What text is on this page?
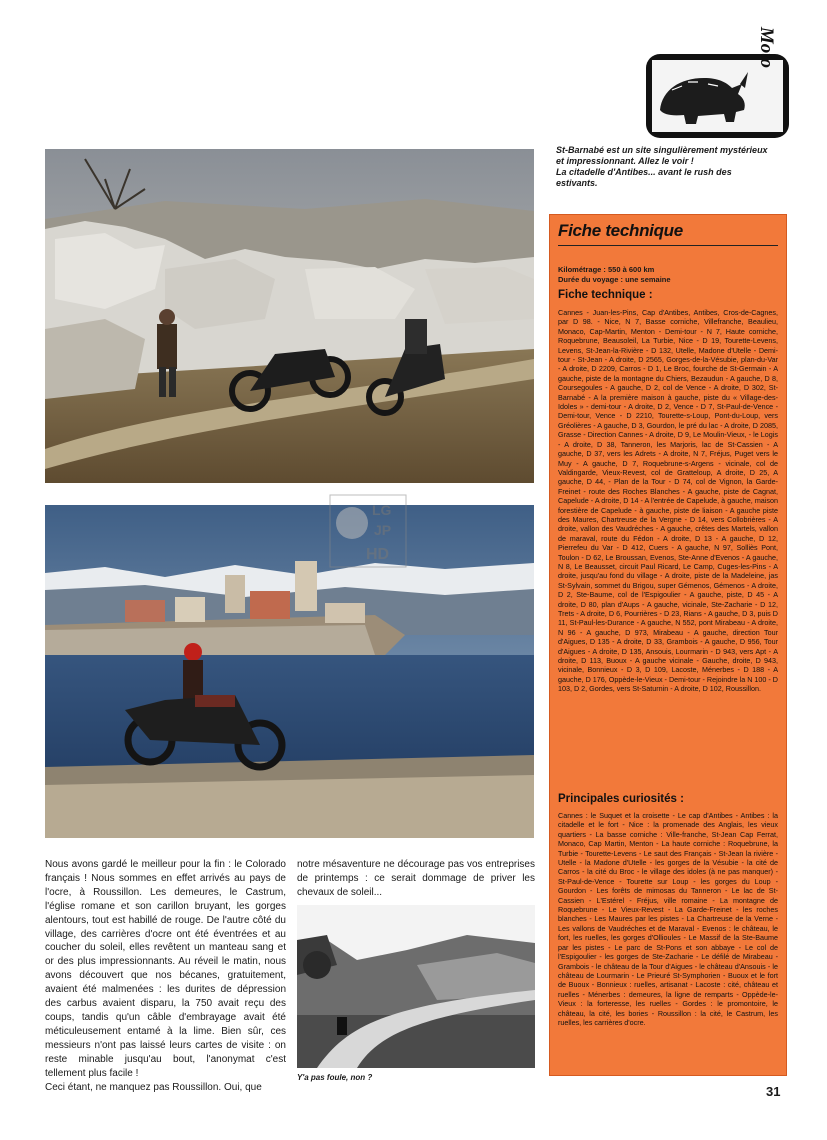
Moto
St-Barnabé est un site singulièrement mystérieux
et impressionnant. Allez le voir !
La citadelle d'Antibes... avant le rush des
estivants.
LG
JP
HD
Fiche technique
Kilométrage : 550 à 600 km
Durée du voyage : une semaine
Fiche technique :
Cannes - Juan-les-Pins, Cap d'Antibes, Antibes, Cros-de-Cagnes, par D 98. - Nice, N 7, Basse corniche, Villefranche, Beaulieu, Monaco, Cap-Martin, Menton - Demi-tour - N 7, Haute corniche, Roquebrune, Beausoleil, La Turbie, Nice - D 19, Tourette-Levens, Levens, St-Jean-la-Rivière - D 132, Utelle, Madone d'Utelle - Demi-tour - St-Jean - A droite, D 2565, Gorges-de-la-Vésubie, plan-du-Var - A droite, D 2209, Carros - D 1, Le Broc, fourche de St-Germain - A gauche, piste de la montagne du Chiers, Bezaudun - A gauche, D 8, Coursegoules - A gauche, D 2, col de Vence - A droite, D 302, St-Barnabé - A la première maison à gauche, piste du « Village-des-Idoles » - demi-tour - A droite, D 2, Vence - D 7, St-Paul-de-Vence - Demi-tour, Vence - D 2210, Tourette-s-Loup, Pont-du-Loup, vers Gréolières - A gauche, D 3, Gourdon, le pré du lac - A droite, D 2085, Grasse - Direction Cannes - A droite, D 9, Le Moulin-Vieux, - le Logis - A droite, D 38, Tanneron, les Marjoris, lac de St-Cassien - A gauche, D 37, vers les Adrets - A droite, N 7, Fréjus, Puget vers le Muy - A gauche, D 7, Roquebrune-s-Argens - vicinale, col de Valdingarde, Vieux-Revest, col de Gratteloup, A droite, D 25, A gauche, D 44, - Plan de la Tour - D 74, col de Vignon, la Garde-Freinet - route des Roches Blanches - A gauche, piste de Cagnat, Capelude - A droite, D 14 - A l'entrée de Capelude, à gauche, maison forestière de Capelude - à gauche, piste de liaison - A gauche piste des Maures, Chartreuse de la Vergne - D 14, vers Collobrières - A droite, vallon des Vaudréches - A gauche, crêtes des Martels, vallon de maraval, route du Fédon - A droite, D 13 - A gauche, D 12, Pierrefeu du Var - D 412, Cuers - A gauche, N 97, Solliès Pont, Toulon - D 62, Le Broussan, Evenos, Ste-Anne d'Evenos - A gauche, N 8, Le Beausset, circuit Paul Ricard, Le Camp, Cuges-les-Pins - A droite, jusqu'au fond du village - A droite, piste de la Madeleine, jas St-Sylvain, sommet du Brigou, super Gémenos, Gémenos - A droite, D 2, Ste-Baume, col de l'Espigoulier - A gauche, piste, D 45 - A droite, D 80, plan d'Aups - A gauche, vicinale, Ste-Zacharie - D 12, Trets - A droite, D 6, Pourrières - D 23, Rians - A gauche, D 3, puis D 11, St-Paul-les-Durance - A gauche, N 552, pont Mirabeau - A droite, N 96 - A gauche, D 973, Mirabeau - A gauche, direction Tour d'Aigues, D 135 - A droite, D 33, Grambois - A gauche, D 956, Tour d'Aigues - A droite, D 135, Ansouis, Lourmarin - D 943, vers Apt - A droite, D 113, Buoux - A gauche vicinale - Gauche, droite, D 943, vicinale, Bonnieux - D 3, D 109, Lacoste, Ménerbes - D 188 - A gauche, D 176, Oppède-le-Vieux - Demi-tour - Rejoindre la N 100 - D 103, D 2, Gordes, vers St-Saturnin - A droite, D 102, Roussillon.
Principales curiosités :
Cannes : le Suquet et la croisette - Le cap d'Antibes - Antibes : la citadelle et le fort - Nice : la promenade des Anglais, les vieux quartiers - La basse corniche : Ville-franche, St-Jean Cap Ferrat, Monaco, Cap Martin, Menton - La haute corniche : Roquebrune, la Turbie - Tourette-Levens - Le saut des Français - St-Jean la rivière - Utelle - la Madone d'Utelle - les gorges de la Vésubie - la cité de Carros - la cité du Broc - le village des idoles (à ne pas manquer) - St-Paul-de-Vence - Tourette sur Loup - les gorges du Loup - Gourdon - Les forêts de mimosas du Tanneron - Le lac de St-Cassien - L'Estérel - Fréjus, ville romaine - La montagne de Roquebrune - Le Vieux-Revest - La Garde-Freinet - les roches blanches - Les Maures par les pistes - La Chartreuse de la Verne - Les vallons de Vaudréches et de Maraval - Evenos : le château, le fort, les ruelles, les gorges d'Ollioules - Le Massif de la Ste-Baume par les pistes - Le parc de St-Pons et son abbaye - Le col de l'Espigoulier - les gorges de Ste-Zacharie - Le défilé de Mirabeau - Grambois - le château de la Tour d'Aigues - le château d'Ansouis - le château de Lourmarin - Le Prieuré St-Symphorien - Buoux et le fort de Buoux - Bonnieux : ruelles, artisanat - Lacoste : cité, château et ruelles - Ménerbes : demeures, la ligne de remparts - Oppède-le-Vieux : la forteresse, les ruelles - Gordes : le promontoire, le château, la cité, les bories - Roussillon : la cité, le Castrum, les ruelles, les carrières d'ocre.

Nous avons gardé le meilleur pour la fin : le Colorado français ! Nous sommes en effet arrivés au pays de l'ocre, à Roussillon. Les demeures, le Castrum, l'église romane et son carillon bruyant, les gorges alentours, tout est habillé de rouge. De l'autre côté du village, des carrières d'ocre ont été éventrées et au coucher du soleil, elles revêtent un manteau sang et or des plus impressionnants. Au réveil le matin, nous avons découvert que nos bécanes, gratuitement, avaient été malmenées : les durites de dépression des carbus avaient disparu, la 750 avait reçu des coups, tandis qu'un câble d'embrayage avait été méticuleusement entamé à la lime. Bien sûr, ces messieurs n'ont pas laissé leurs cartes de visite : on reste minable jusqu'au bout, l'anonymat c'est tellement plus facile !

Ceci étant, ne manquez pas Roussillon. Oui, que

notre mésaventure ne décourage pas vos entreprises de printemps : ce serait dommage de priver les chevaux de soleil...

Y'a pas foule, non ?
31
